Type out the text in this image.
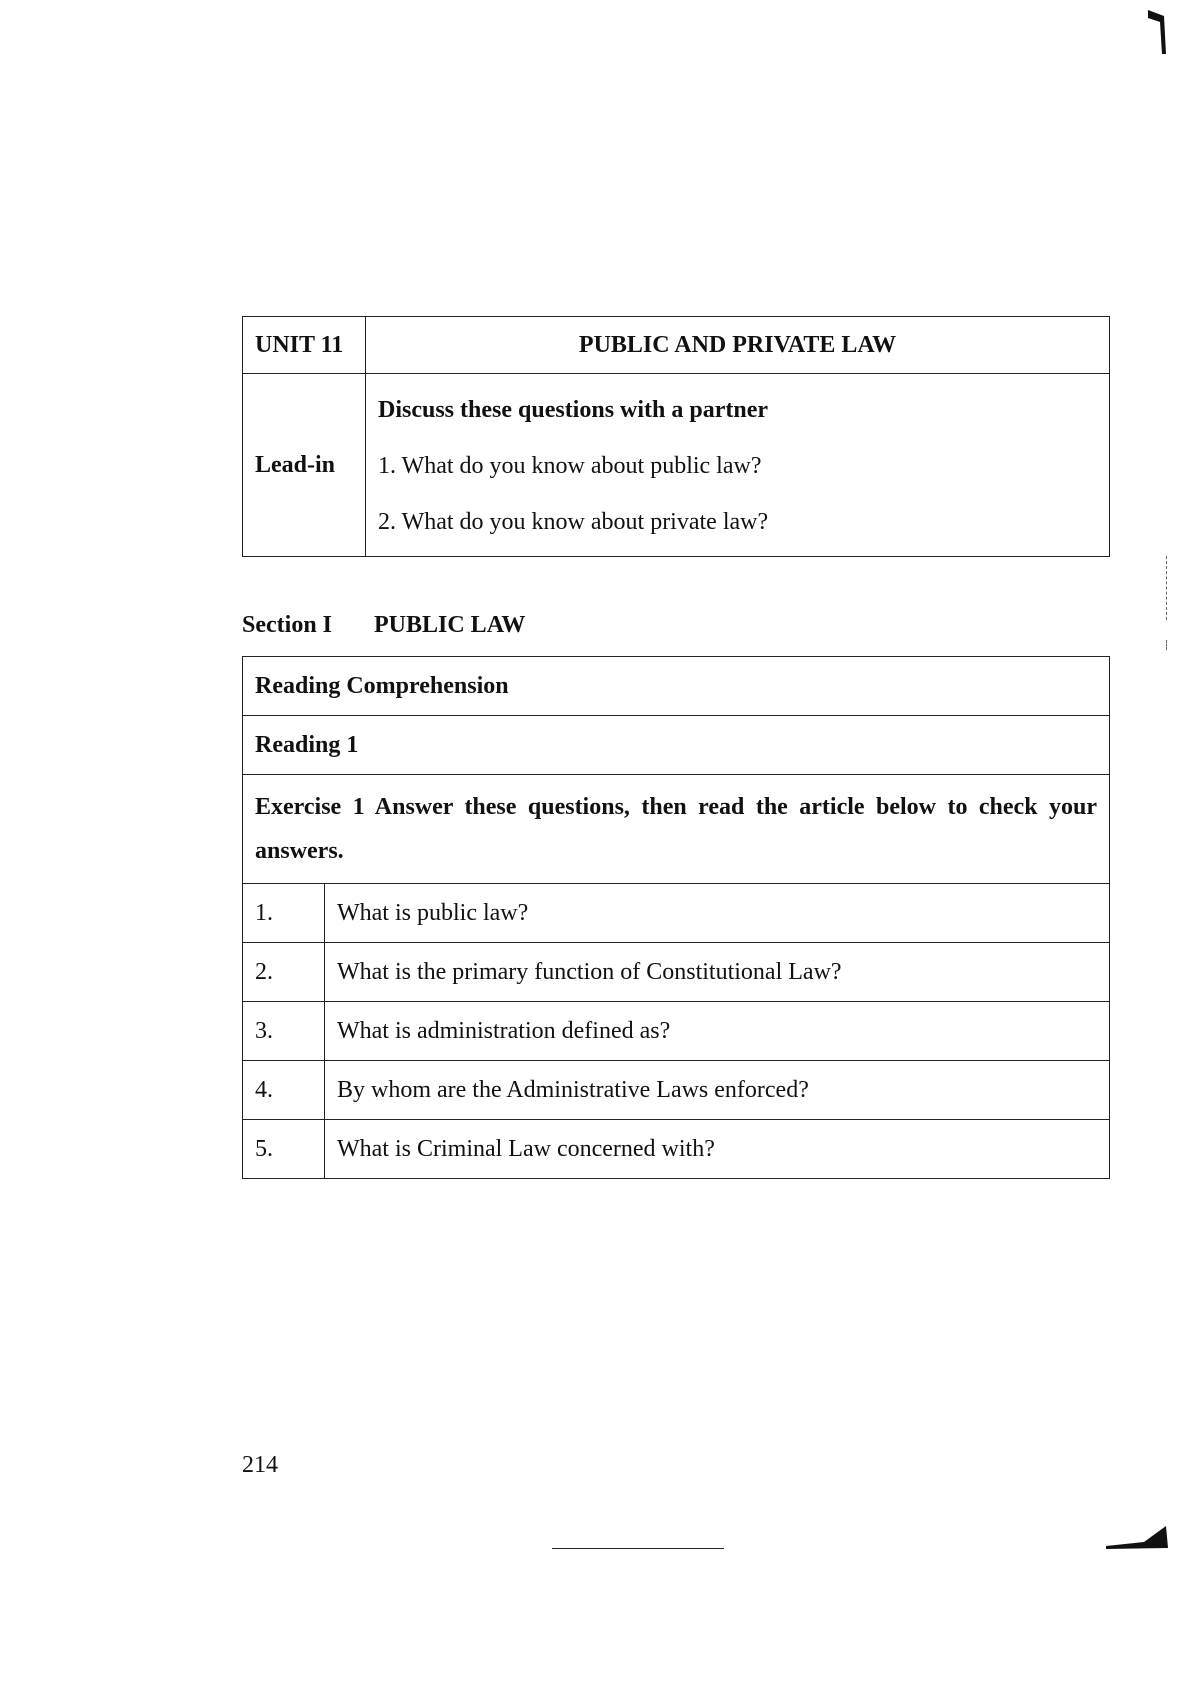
UNIT 11	PUBLIC AND PRIVATE LAW
Lead-in	Discuss these questions with a partner
1. What do you know about public law?
2. What do you know about private law?
Section I PUBLIC LAW
Reading Comprehension	
Reading 1	
Exercise 1 Answer these questions, then read the article below to check your answers.	
1.	What is public law?
2.	What is the primary function of Constitutional Law?
3.	What is administration defined as?
4.	By whom are the Administrative Laws enforced?
5.	What is Criminal Law concerned with?
214
